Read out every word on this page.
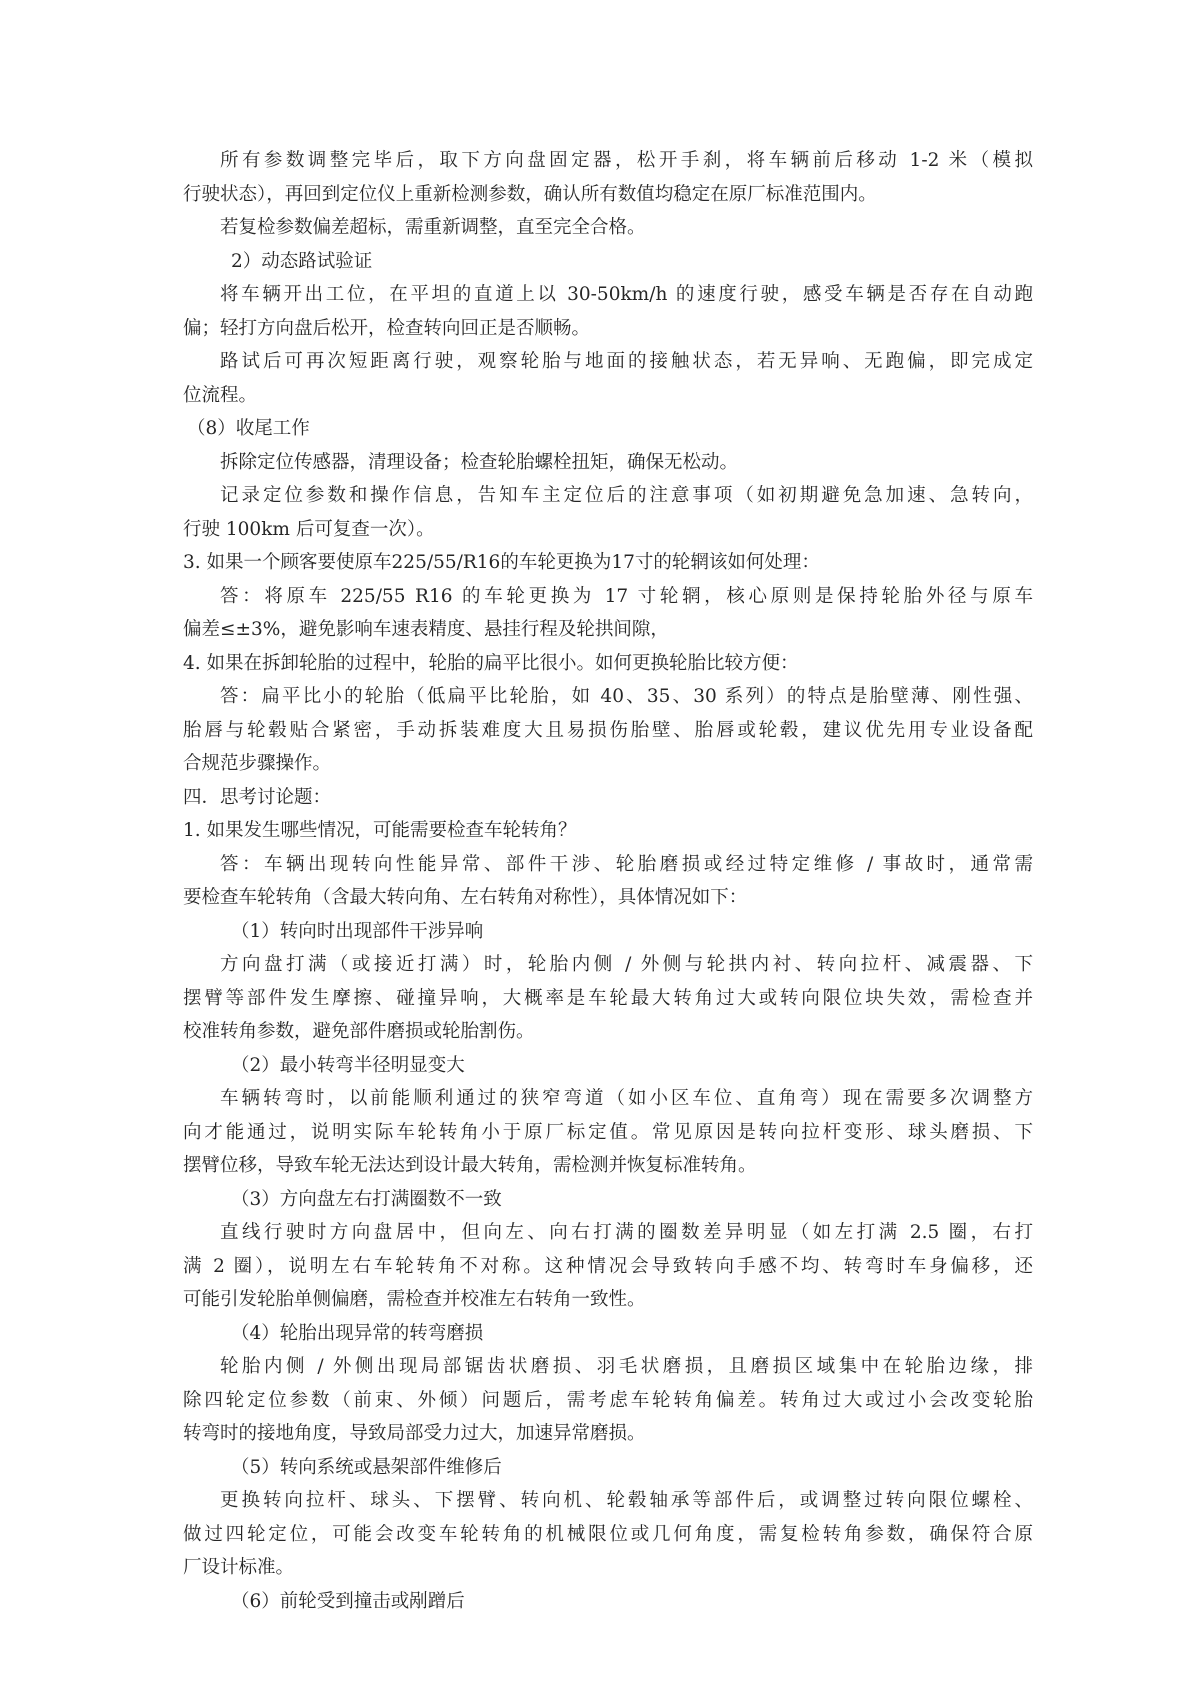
所有参数调整完毕后，取下方向盘固定器，松开手刹，将车辆前后移动 1-2 米（模拟
行驶状态），再回到定位仪上重新检测参数，确认所有数值均稳定在原厂标准范围内。
若复检参数偏差超标，需重新调整，直至完全合格。
2）动态路试验证
将车辆开出工位，在平坦的直道上以 30-50km/h 的速度行驶，感受车辆是否存在自动跑
偏；轻打方向盘后松开，检查转向回正是否顺畅。
路试后可再次短距离行驶，观察轮胎与地面的接触状态，若无异响、无跑偏，即完成定
位流程。
（8）收尾工作
拆除定位传感器，清理设备；检查轮胎螺栓扭矩，确保无松动。
记录定位参数和操作信息，告知车主定位后的注意事项（如初期避免急加速、急转向，
行驶 100km 后可复查一次）。
3. 如果一个顾客要使原车225/55/R16的车轮更换为17寸的轮辋该如何处理：
答：将原车 225/55 R16 的车轮更换为 17 寸轮辋，核心原则是保持轮胎外径与原车
偏差≤±3%，避免影响车速表精度、悬挂行程及轮拱间隙，
4. 如果在拆卸轮胎的过程中，轮胎的扁平比很小。如何更换轮胎比较方便：
答：扁平比小的轮胎（低扁平比轮胎，如 40、35、30 系列）的特点是胎壁薄、刚性强、
胎唇与轮毂贴合紧密，手动拆装难度大且易损伤胎壁、胎唇或轮毂，建议优先用专业设备配
合规范步骤操作。
四．思考讨论题：
1. 如果发生哪些情况，可能需要检查车轮转角？
答：车辆出现转向性能异常、部件干涉、轮胎磨损或经过特定维修 / 事故时，通常需
要检查车轮转角（含最大转向角、左右转角对称性），具体情况如下：
（1）转向时出现部件干涉异响
方向盘打满（或接近打满）时，轮胎内侧 / 外侧与轮拱内衬、转向拉杆、减震器、下
摆臂等部件发生摩擦、碰撞异响，大概率是车轮最大转角过大或转向限位块失效，需检查并
校准转角参数，避免部件磨损或轮胎割伤。
（2）最小转弯半径明显变大
车辆转弯时，以前能顺利通过的狭窄弯道（如小区车位、直角弯）现在需要多次调整方
向才能通过，说明实际车轮转角小于原厂标定值。常见原因是转向拉杆变形、球头磨损、下
摆臂位移，导致车轮无法达到设计最大转角，需检测并恢复标准转角。
（3）方向盘左右打满圈数不一致
直线行驶时方向盘居中，但向左、向右打满的圈数差异明显（如左打满 2.5 圈，右打
满 2 圈），说明左右车轮转角不对称。这种情况会导致转向手感不均、转弯时车身偏移，还
可能引发轮胎单侧偏磨，需检查并校准左右转角一致性。
（4）轮胎出现异常的转弯磨损
轮胎内侧 / 外侧出现局部锯齿状磨损、羽毛状磨损，且磨损区域集中在轮胎边缘，排
除四轮定位参数（前束、外倾）问题后，需考虑车轮转角偏差。转角过大或过小会改变轮胎
转弯时的接地角度，导致局部受力过大，加速异常磨损。
（5）转向系统或悬架部件维修后
更换转向拉杆、球头、下摆臂、转向机、轮毂轴承等部件后，或调整过转向限位螺栓、
做过四轮定位，可能会改变车轮转角的机械限位或几何角度，需复检转角参数，确保符合原
厂设计标准。
（6）前轮受到撞击或剐蹭后
